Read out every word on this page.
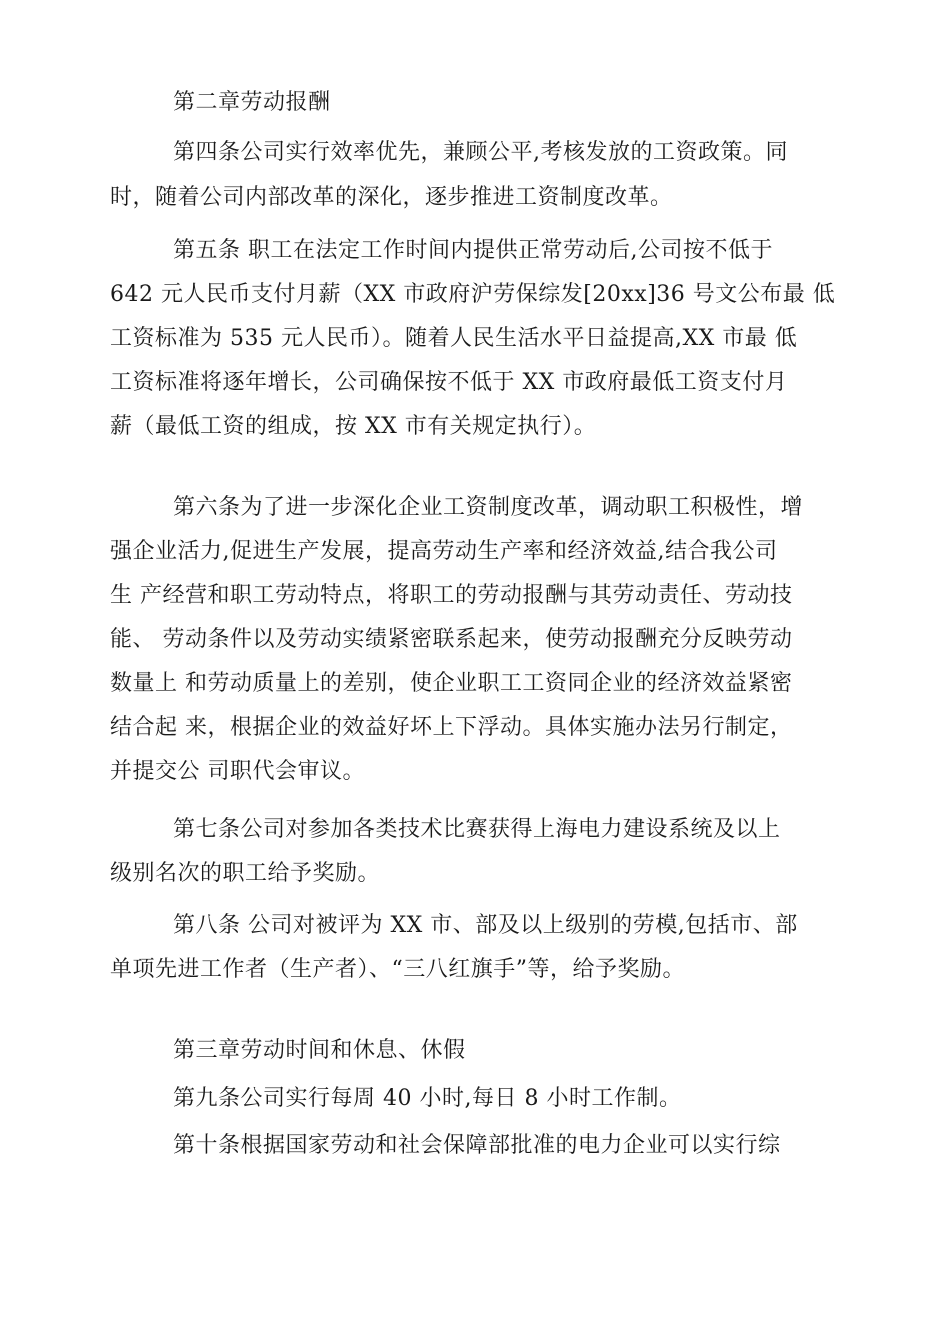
第二章劳动报酬
第四条公司实行效率优先，兼顾公平,考核发放的工资政策。同
时，随着公司内部改革的深化，逐步推进工资制度改革。
第五条 职工在法定工作时间内提供正常劳动后,公司按不低于
642 元人民币支付月薪（XX 市政府沪劳保综发[20xx]36 号文公布最 低
工资标准为 535 元人民币）。随着人民生活水平日益提高,XX 市最 低
工资标准将逐年增长，公司确保按不低于 XX 市政府最低工资支付月
薪（最低工资的组成，按 XX 市有关规定执行）。
第六条为了进一步深化企业工资制度改革，调动职工积极性，增
强企业活力,促进生产发展，提高劳动生产率和经济效益,结合我公司
生 产经营和职工劳动特点，将职工的劳动报酬与其劳动责任、劳动技
能、 劳动条件以及劳动实绩紧密联系起来，使劳动报酬充分反映劳动
数量上 和劳动质量上的差别，使企业职工工资同企业的经济效益紧密
结合起 来，根据企业的效益好坏上下浮动。具体实施办法另行制定，
并提交公 司职代会审议。
第七条公司对参加各类技术比赛获得上海电力建设系统及以上
级别名次的职工给予奖励。
第八条 公司对被评为 XX 市、部及以上级别的劳模,包括市、部
单项先进工作者（生产者）、“三八红旗手”等，给予奖励。
第三章劳动时间和休息、休假
第九条公司实行每周 40 小时,每日 8 小时工作制。
第十条根据国家劳动和社会保障部批准的电力企业可以实行综
